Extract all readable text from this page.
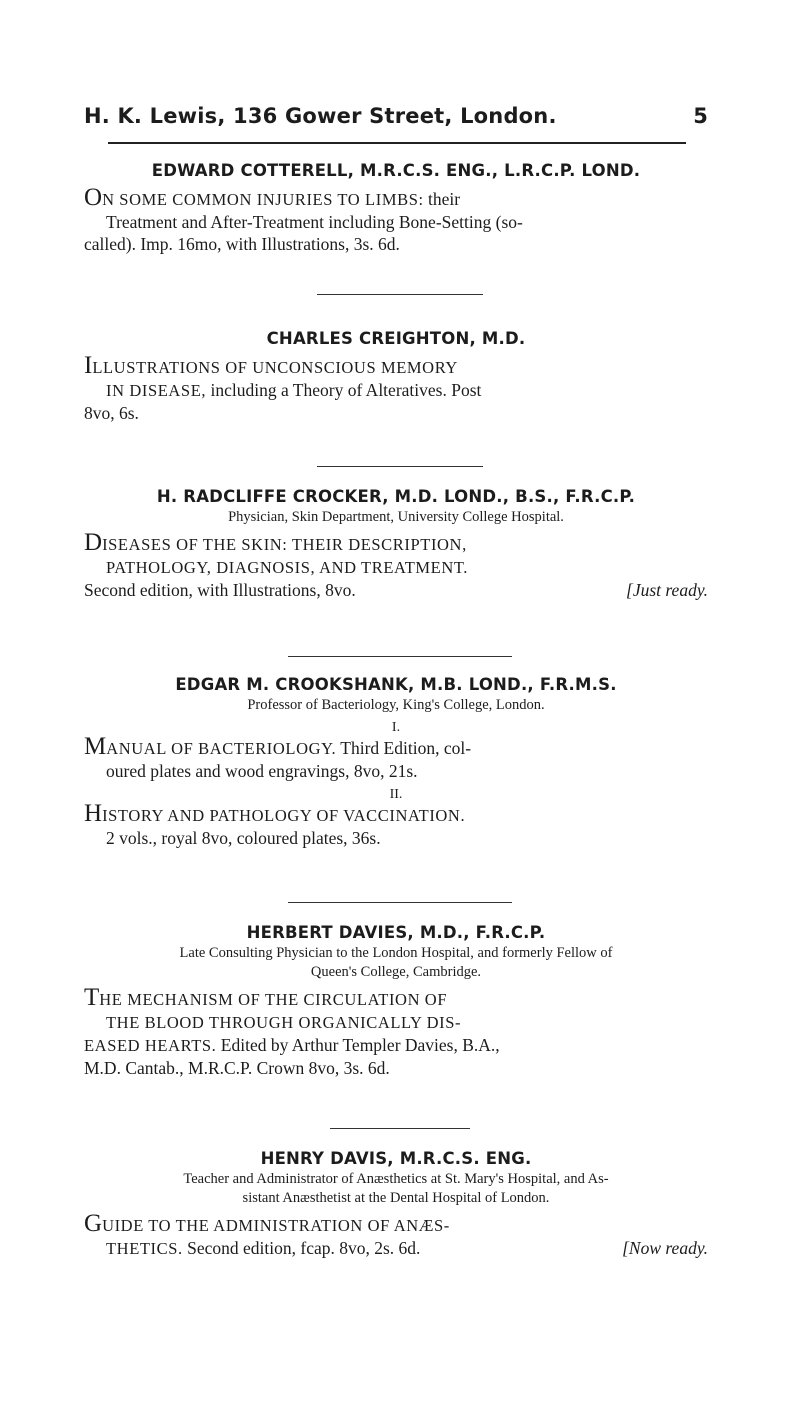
H. K. Lewis, 136 Gower Street, London.	5
EDWARD COTTERELL, M.R.C.S. ENG., L.R.C.P. LOND.
ON SOME COMMON INJURIES TO LIMBS: their
Treatment and After-Treatment including Bone-Setting (so-
called). Imp. 16mo, with Illustrations, 3s. 6d.
CHARLES CREIGHTON, M.D.
ILLUSTRATIONS OF UNCONSCIOUS MEMORY
IN DISEASE, including a Theory of Alteratives. Post
8vo, 6s.
H. RADCLIFFE CROCKER, M.D. LOND., B.S., F.R.C.P.
Physician, Skin Department, University College Hospital.
DISEASES OF THE SKIN: THEIR DESCRIPTION,
PATHOLOGY, DIAGNOSIS, AND TREATMENT.
Second edition, with Illustrations, 8vo.	[Just ready.
EDGAR M. CROOKSHANK, M.B. LOND., F.R.M.S.
Professor of Bacteriology, King's College, London.
I.
MANUAL OF BACTERIOLOGY. Third Edition, col-
oured plates and wood engravings, 8vo, 21s.
II.
HISTORY AND PATHOLOGY OF VACCINATION.
2 vols., royal 8vo, coloured plates, 36s.
HERBERT DAVIES, M.D., F.R.C.P.
Late Consulting Physician to the London Hospital, and formerly Fellow of
Queen's College, Cambridge.
THE MECHANISM OF THE CIRCULATION OF
THE BLOOD THROUGH ORGANICALLY DIS-
EASED HEARTS. Edited by Arthur Templer Davies, B.A.,
M.D. Cantab., M.R.C.P. Crown 8vo, 3s. 6d.
HENRY DAVIS, M.R.C.S. ENG.
Teacher and Administrator of Anæsthetics at St. Mary's Hospital, and As-
sistant Anæsthetist at the Dental Hospital of London.
GUIDE TO THE ADMINISTRATION OF ANÆS-
THETICS. Second edition, fcap. 8vo, 2s. 6d.	[Now ready.
